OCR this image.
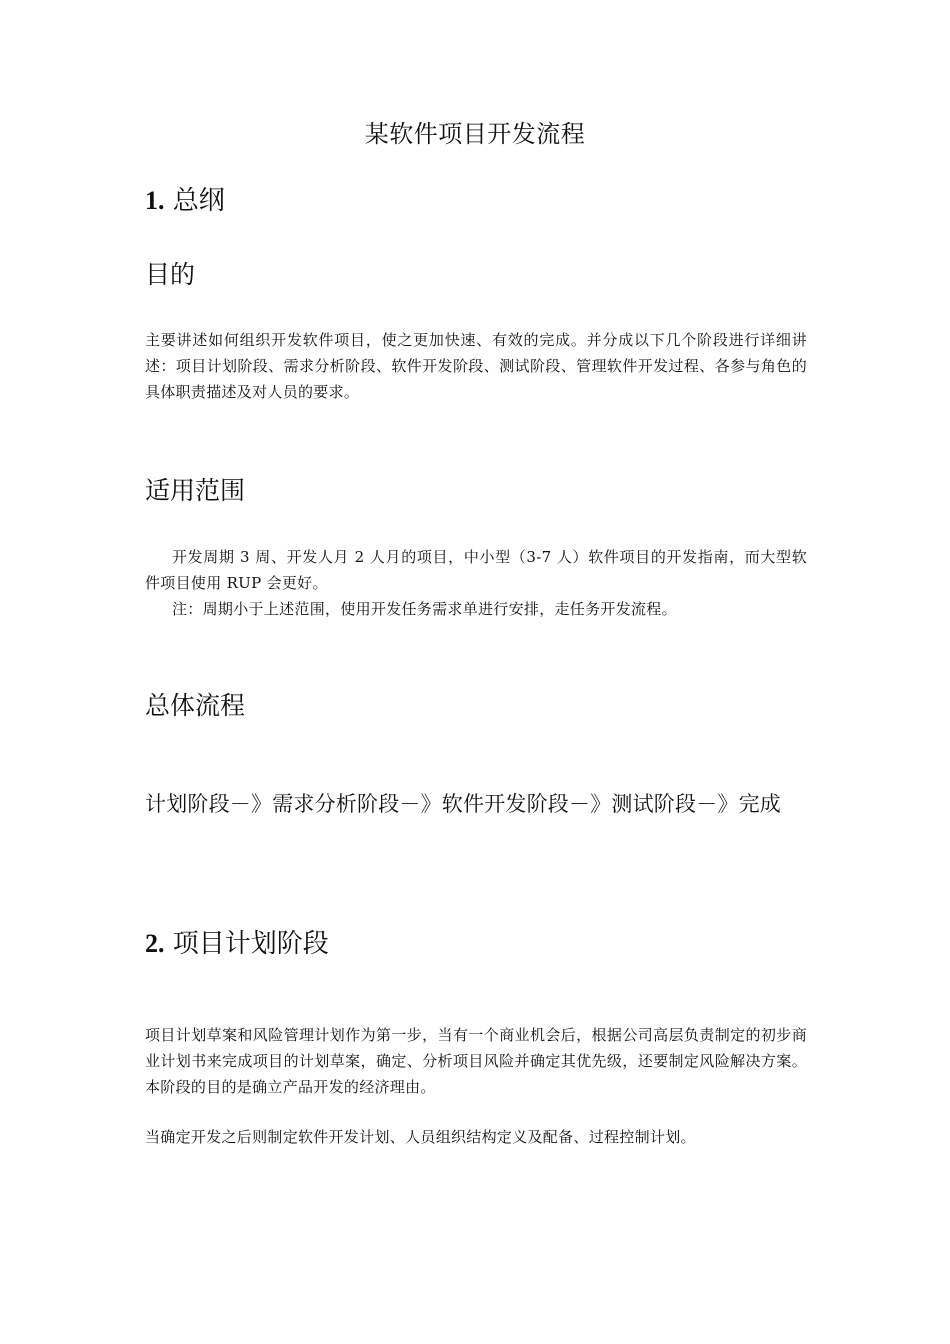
某软件项目开发流程
1. 总纲
目的
主要讲述如何组织开发软件项目，使之更加快速、有效的完成。并分成以下几个阶段进行详细讲述：项目计划阶段、需求分析阶段、软件开发阶段、测试阶段、管理软件开发过程、各参与角色的具体职责描述及对人员的要求。
适用范围
开发周期 3 周、开发人月 2 人月的项目，中小型（3-7 人）软件项目的开发指南，而大型软件项目使用 RUP 会更好。
注：周期小于上述范围，使用开发任务需求单进行安排，走任务开发流程。
总体流程
计划阶段－》需求分析阶段－》软件开发阶段－》测试阶段－》完成
2. 项目计划阶段
项目计划草案和风险管理计划作为第一步，当有一个商业机会后，根据公司高层负责制定的初步商业计划书来完成项目的计划草案，确定、分析项目风险并确定其优先级，还要制定风险解决方案。本阶段的目的是确立产品开发的经济理由。
当确定开发之后则制定软件开发计划、人员组织结构定义及配备、过程控制计划。
